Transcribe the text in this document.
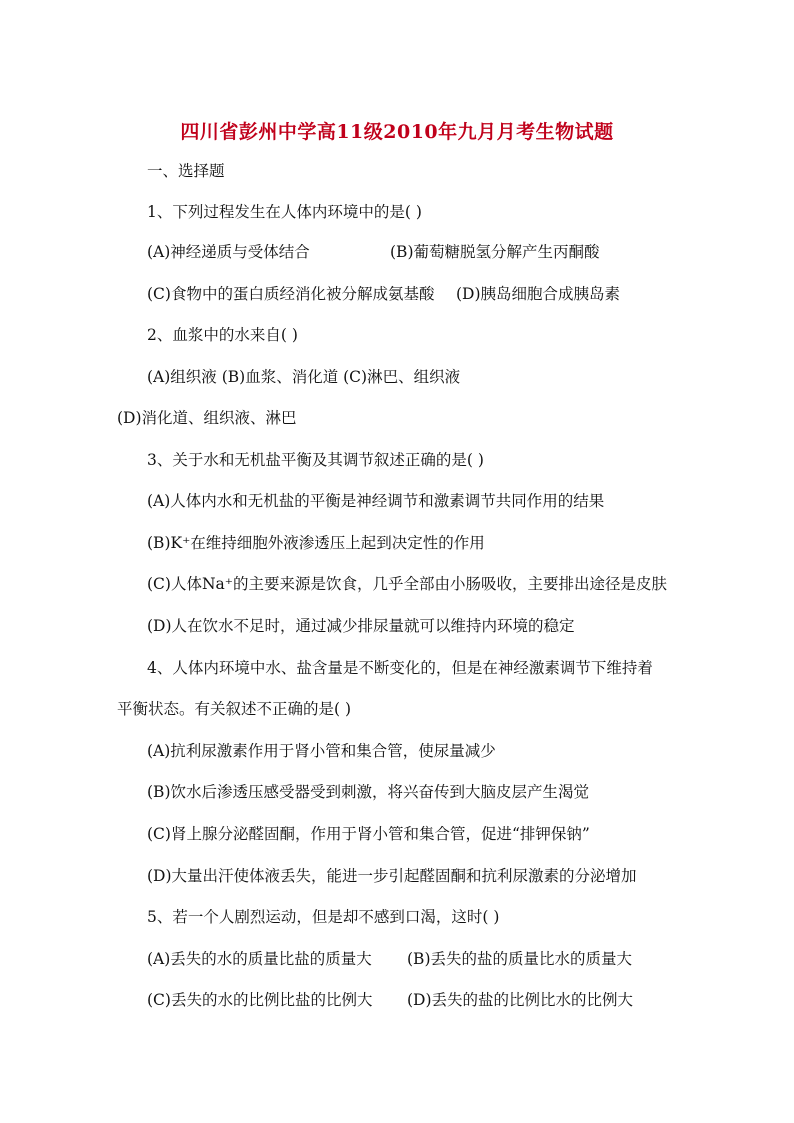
四川省彭州中学高11级2010年九月月考生物试题
一、选择题
1、下列过程发生在人体内环境中的是( )
(A)神经递质与受体结合	(B)葡萄糖脱氢分解产生丙酮酸
(C)食物中的蛋白质经消化被分解成氨基酸 (D)胰岛细胞合成胰岛素
2、血浆中的水来自( )
(A)组织液 (B)血浆、消化道 (C)淋巴、组织液
(D)消化道、组织液、淋巴
3、关于水和无机盐平衡及其调节叙述正确的是( )
(A)人体内水和无机盐的平衡是神经调节和激素调节共同作用的结果
(B)K⁺在维持细胞外液渗透压上起到决定性的作用
(C)人体Na⁺的主要来源是饮食，几乎全部由小肠吸收，主要排出途径是皮肤
(D)人在饮水不足时，通过减少排尿量就可以维持内环境的稳定
4、人体内环境中水、盐含量是不断变化的，但是在神经激素调节下维持着
平衡状态。有关叙述不正确的是( )
(A)抗利尿激素作用于肾小管和集合管，使尿量减少
(B)饮水后渗透压感受器受到刺激，将兴奋传到大脑皮层产生渴觉
(C)肾上腺分泌醛固酮，作用于肾小管和集合管，促进“排钾保钠”
(D)大量出汗使体液丢失，能进一步引起醛固酮和抗利尿激素的分泌增加
5、若一个人剧烈运动，但是却不感到口渴，这时( )
(A)丢失的水的质量比盐的质量大 (B)丢失的盐的质量比水的质量大
(C)丢失的水的比例比盐的比例大 (D)丢失的盐的比例比水的比例大
